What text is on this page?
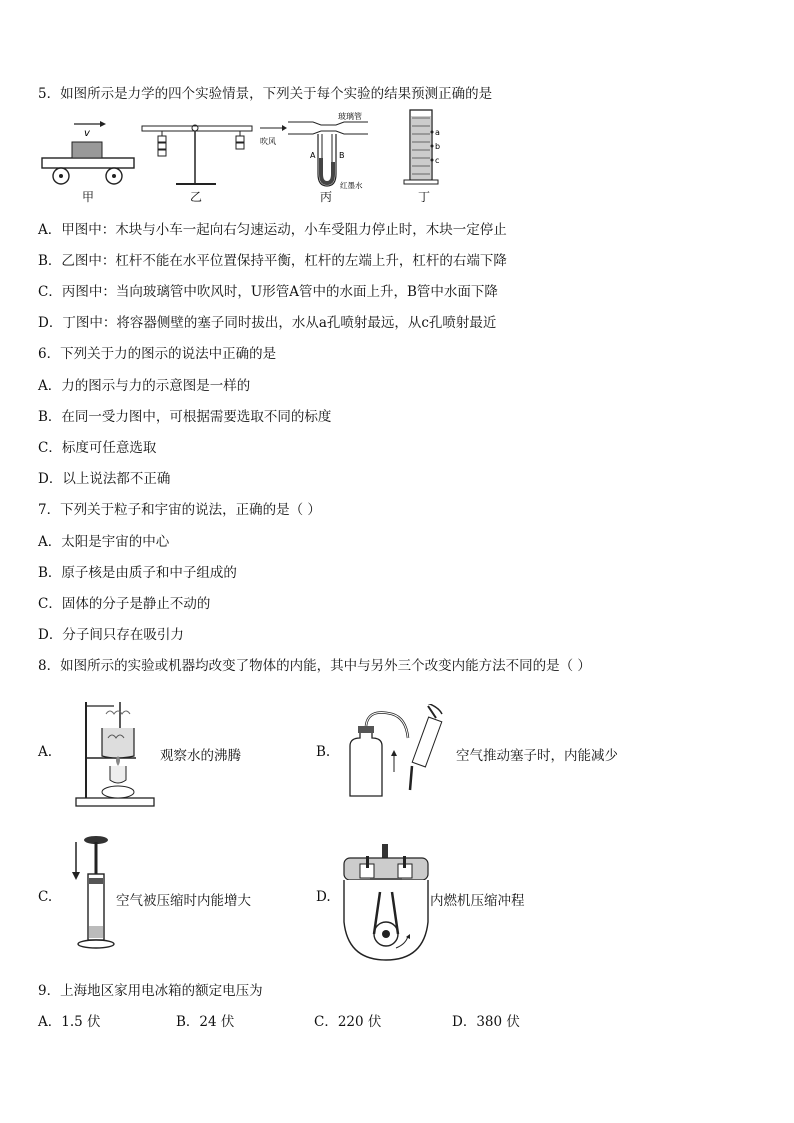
5．如图所示是力学的四个实验情景，下列关于每个实验的结果预测正确的是
v
吹风
玻璃管
A	B
红墨水
a
b
c
甲	乙	丙	丁
A．甲图中：木块与小车一起向右匀速运动，小车受阻力停止时，木块一定停止
B．乙图中：杠杆不能在水平位置保持平衡，杠杆的左端上升，杠杆的右端下降
C．丙图中：当向玻璃管中吹风时，U形管A管中的水面上升，B管中水面下降
D．丁图中：将容器侧壁的塞子同时拔出，水从a孔喷射最远，从c孔喷射最近
6．下列关于力的图示的说法中正确的是
A．力的图示与力的示意图是一样的
B．在同一受力图中，可根据需要选取不同的标度
C．标度可任意选取
D．以上说法都不正确
7．下列关于粒子和宇宙的说法，正确的是（ ）
A．太阳是宇宙的中心
B．原子核是由质子和中子组成的
C．固体的分子是静止不动的
D．分子间只存在吸引力
8．如图所示的实验或机器均改变了物体的内能，其中与另外三个改变内能方法不同的是（ ）
A.	观察水的沸腾	B.	空气推动塞子时，内能减少
C.	空气被压缩时内能增大	D.	内燃机压缩冲程
9．上海地区家用电冰箱的额定电压为
A．1.5 伏	B．24 伏	C．220 伏	D．380 伏
